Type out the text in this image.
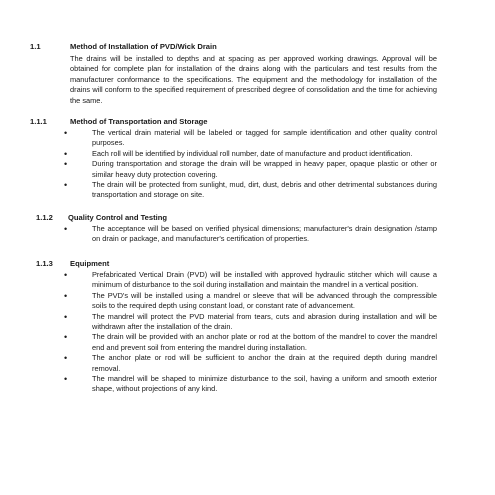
1.1	Method of Installation of PVD/Wick Drain
The drains will be installed to depths and at spacing as per approved working drawings. Approval will be obtained for complete plan for installation of the drains along with the particulars and test results from the manufacturer conformance to the specifications. The equipment and the methodology for installation of the drains will conform to the specified requirement of prescribed degree of consolidation and the time for achieving the same.
1.1.1	Method of Transportation and Storage
•	The vertical drain material will be labeled or tagged for sample identification and other quality control purposes.
•	Each roll will be identified by individual roll number, date of manufacture and product identification.
•	During transportation and storage the drain will be wrapped in heavy paper, opaque plastic or other or similar heavy duty protection covering.
•	The drain will be protected from sunlight, mud, dirt, dust, debris and other detrimental substances during transportation and storage on site.
1.1.2 Quality Control and Testing
•	The acceptance will be based on verified physical dimensions; manufacturer's drain designation /stamp on drain or package, and manufacturer's certification of properties.
1.1.3 Equipment
•	Prefabricated Vertical Drain (PVD) will be installed with approved hydraulic stitcher which will cause a minimum of disturbance to the soil during installation and maintain the mandrel in a vertical position.
•	The PVD's will be installed using a mandrel or sleeve that will be advanced through the compressible soils to the required depth using constant load, or constant rate of advancement.
•	The mandrel will protect the PVD material from tears, cuts and abrasion during installation and will be withdrawn after the installation of the drain.
•	The drain will be provided with an anchor plate or rod at the bottom of the mandrel to cover the mandrel end and prevent soil from entering the mandrel during installation.
•	The anchor plate or rod will be sufficient to anchor the drain at the required depth during mandrel removal.
•	The mandrel will be shaped to minimize disturbance to the soil, having a uniform and smooth exterior shape, without projections of any kind.
